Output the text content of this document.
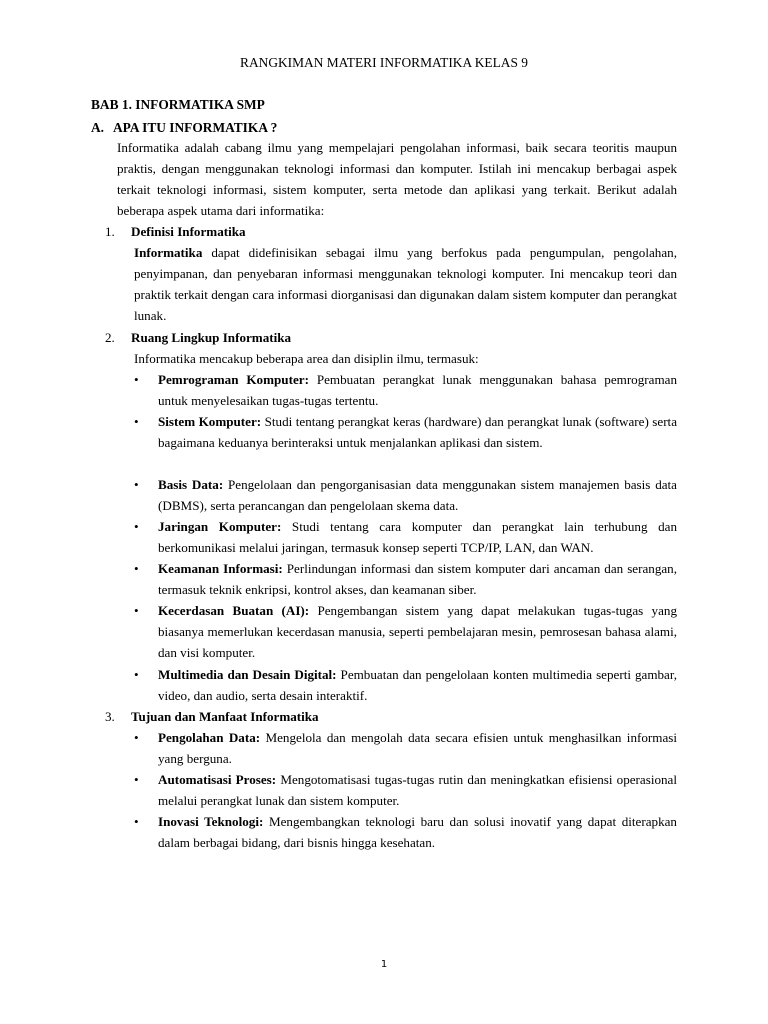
RANGKIMAN MATERI INFORMATIKA KELAS 9
BAB 1. INFORMATIKA SMP
A. APA ITU INFORMATIKA ?
Informatika adalah cabang ilmu yang mempelajari pengolahan informasi, baik secara teoritis maupun praktis, dengan menggunakan teknologi informasi dan komputer. Istilah ini mencakup berbagai aspek terkait teknologi informasi, sistem komputer, serta metode dan aplikasi yang terkait. Berikut adalah beberapa aspek utama dari informatika:
1. Definisi Informatika
Informatika dapat didefinisikan sebagai ilmu yang berfokus pada pengumpulan, pengolahan, penyimpanan, dan penyebaran informasi menggunakan teknologi komputer. Ini mencakup teori dan praktik terkait dengan cara informasi diorganisasi dan digunakan dalam sistem komputer dan perangkat lunak.
2. Ruang Lingkup Informatika
Informatika mencakup beberapa area dan disiplin ilmu, termasuk:
•	Pemrograman Komputer: Pembuatan perangkat lunak menggunakan bahasa pemrograman untuk menyelesaikan tugas-tugas tertentu.
•	Sistem Komputer: Studi tentang perangkat keras (hardware) dan perangkat lunak (software) serta bagaimana keduanya berinteraksi untuk menjalankan aplikasi dan sistem.
•	Basis Data: Pengelolaan dan pengorganisasian data menggunakan sistem manajemen basis data (DBMS), serta perancangan dan pengelolaan skema data.
•	Jaringan Komputer: Studi tentang cara komputer dan perangkat lain terhubung dan berkomunikasi melalui jaringan, termasuk konsep seperti TCP/IP, LAN, dan WAN.
•	Keamanan Informasi: Perlindungan informasi dan sistem komputer dari ancaman dan serangan, termasuk teknik enkripsi, kontrol akses, dan keamanan siber.
•	Kecerdasan Buatan (AI): Pengembangan sistem yang dapat melakukan tugas-tugas yang biasanya memerlukan kecerdasan manusia, seperti pembelajaran mesin, pemrosesan bahasa alami, dan visi komputer.
•	Multimedia dan Desain Digital: Pembuatan dan pengelolaan konten multimedia seperti gambar, video, dan audio, serta desain interaktif.
3. Tujuan dan Manfaat Informatika
•	Pengolahan Data: Mengelola dan mengolah data secara efisien untuk menghasilkan informasi yang berguna.
•	Automatisasi Proses: Mengotomatisasi tugas-tugas rutin dan meningkatkan efisiensi operasional melalui perangkat lunak dan sistem komputer.
•	Inovasi Teknologi: Mengembangkan teknologi baru dan solusi inovatif yang dapat diterapkan dalam berbagai bidang, dari bisnis hingga kesehatan.
1
